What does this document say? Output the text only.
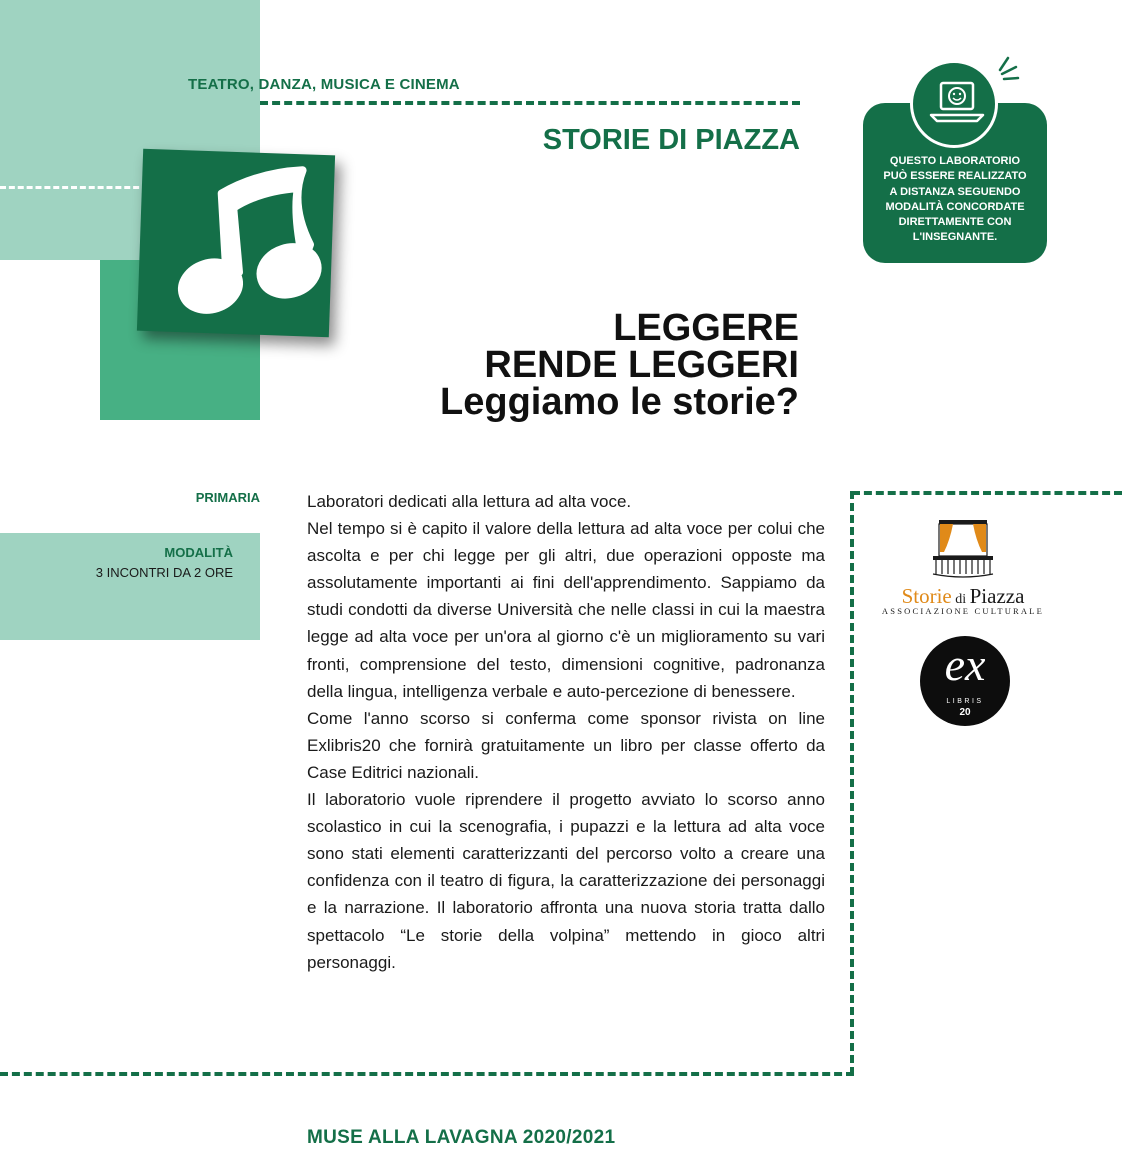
TEATRO, DANZA, MUSICA E CINEMA
STORIE DI PIAZZA
QUESTO LABORATORIO
PUÒ ESSERE REALIZZATO
A DISTANZA SEGUENDO
MODALITÀ CONCORDATE
DIRETTAMENTE CON
L'INSEGNANTE.
LEGGERE
RENDE LEGGERI
Leggiamo le storie?
PRIMARIA
MODALITÀ
3 INCONTRI DA 2 ORE

Laboratori dedicati alla lettura ad alta voce.

Nel tempo si è capito il valore della lettura ad alta voce per colui che ascolta e per chi legge per gli altri, due operazioni opposte ma assolutamente importanti ai fini dell'apprendimento. Sappiamo da studi condotti da diverse Università che nelle classi in cui la maestra legge ad alta voce per un'ora al giorno c'è un miglioramento su vari fronti, comprensione del testo, dimensioni cognitive, padronanza della lingua, intelligenza verbale e auto-percezione di benessere.

Come l'anno scorso si conferma come sponsor rivista on line Exlibris20 che fornirà gratuitamente un libro per classe offerto da Case Editrici nazionali.

Il laboratorio vuole riprendere il progetto avviato lo scorso anno scolastico in cui la scenografia, i pupazzi e la lettura ad alta voce sono stati elementi caratterizzanti del percorso volto a creare una confidenza con il teatro di figura, la caratterizzazione dei personaggi e la narrazione. Il laboratorio affronta una nuova storia tratta dallo spettacolo “Le storie della volpina” mettendo in gioco altri personaggi.

Storie di Piazza
ASSOCIAZIONE CULTURALE
ex
LIBRIS
20
MUSE ALLA LAVAGNA 2020/2021
